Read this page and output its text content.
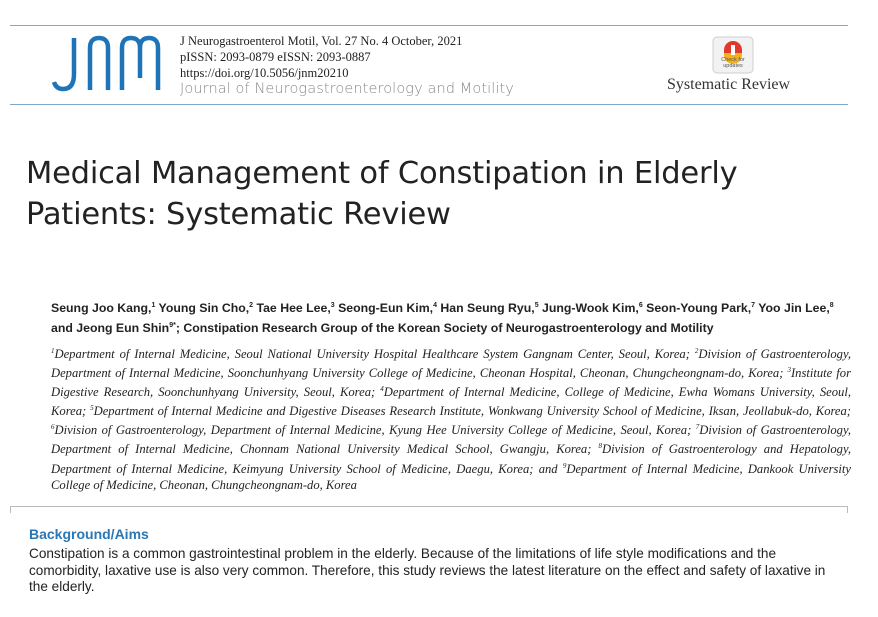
J Neurogastroenterol Motil, Vol. 27 No. 4 October, 2021
pISSN: 2093-0879 eISSN: 2093-0887
https://doi.org/10.5056/jnm20210
Journal of Neurogastroenterology and Motility
Check for updates
Systematic Review
Medical Management of Constipation in Elderly
Patients: Systematic Review
Seung Joo Kang,$^1$ Young Sin Cho,$^2$ Tae Hee Lee,$^3$ Seong-Eun Kim,$^4$ Han Seung Ryu,$^5$ Jung-Wook Kim,$^6$ Seon-Young Park,$^7$ Yoo Jin Lee,$^8$ and Jeong Eun Shin$^{9*}$; Constipation Research Group of the Korean Society of Neurogastroenterology and Motility
$^1$Department of Internal Medicine, Seoul National University Hospital Healthcare System Gangnam Center, Seoul, Korea; $^2$Division of Gastroenterology, Department of Internal Medicine, Soonchunhyang University College of Medicine, Cheonan Hospital, Cheonan, Chungcheongnam-do, Korea; $^3$Institute for Digestive Research, Soonchunhyang University, Seoul, Korea; $^4$Department of Internal Medicine, College of Medicine, Ewha Womans University, Seoul, Korea; $^5$Department of Internal Medicine and Digestive Diseases Research Institute, Wonkwang University School of Medicine, Iksan, Jeollabuk-do, Korea; $^6$Division of Gastroenterology, Department of Internal Medicine, Kyung Hee University College of Medicine, Seoul, Korea; $^7$Division of Gastroenterology, Department of Internal Medicine, Chonnam National University Medical School, Gwangju, Korea; $^8$Division of Gastroenterology and Hepatology, Department of Internal Medicine, Keimyung University School of Medicine, Daegu, Korea; and $^9$Department of Internal Medicine, Dankook University College of Medicine, Cheonan, Chungcheongnam-do, Korea
Background/Aims
Constipation is a common gastrointestinal problem in the elderly. Because of the limitations of life style modifications and the comorbidity, laxative use is also very common. Therefore, this study reviews the latest literature on the effect and safety of laxative in the elderly.
